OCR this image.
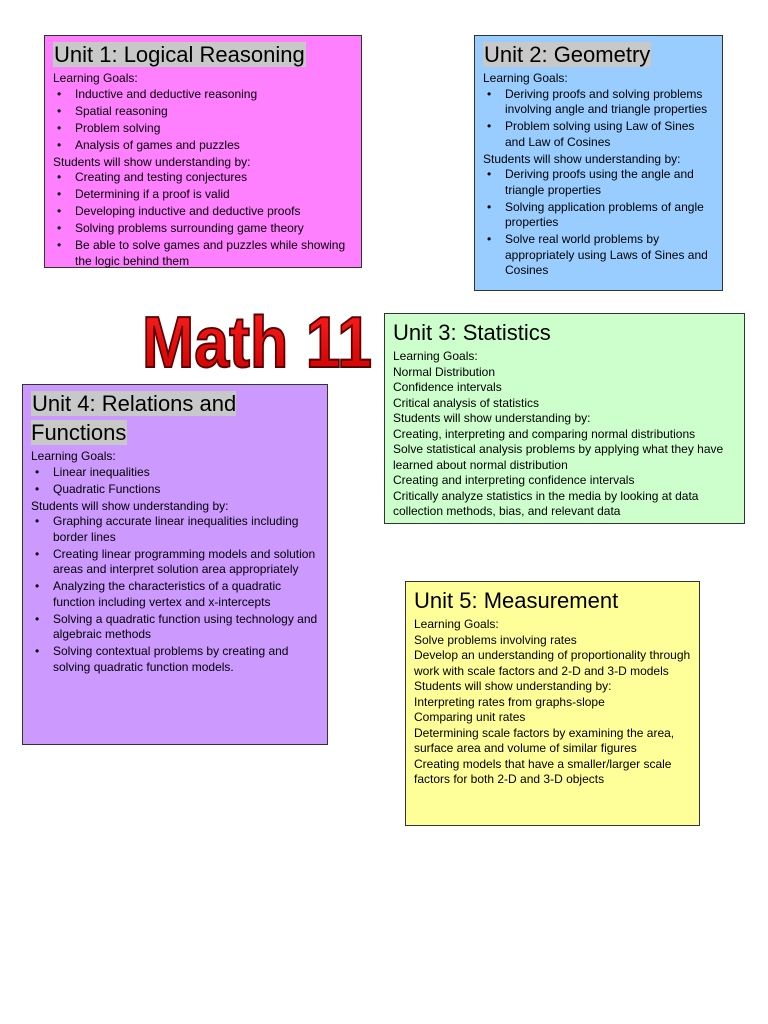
Unit 1: Logical Reasoning

Learning Goals:

• Inductive and deductive reasoning
• Spatial reasoning
• Problem solving
• Analysis of games and puzzles

Students will show understanding by:

• Creating and testing conjectures
• Determining if a proof is valid
• Developing inductive and deductive proofs
• Solving problems surrounding game theory
• Be able to solve games and puzzles while showing the logic behind them
Unit 2: Geometry

Learning Goals:

• Deriving proofs and solving problems involving angle and triangle properties
• Problem solving using Law of Sines and Law of Cosines

Students will show understanding by:

• Deriving proofs using the angle and triangle properties
• Solving application problems of angle properties
• Solve real world problems by appropriately using Laws of Sines and Cosines
Math 11 Unit 3: Statistics

Learning Goals:

Normal Distribution

Confidence intervals

Critical analysis of statistics

Students will show understanding by:

Creating, interpreting and comparing normal distributions

Solve statistical analysis problems by applying what they have learned about normal distribution

Creating and interpreting confidence intervals

Critically analyze statistics in the media by looking at data collection methods, bias, and relevant data

Unit 4: Relations and Functions

Learning Goals:

• Linear inequalities
• Quadratic Functions

Students will show understanding by:

• Graphing accurate linear inequalities including border lines
• Creating linear programming models and solution areas and interpret solution area appropriately
• Analyzing the characteristics of a quadratic function including vertex and x-intercepts
• Solving a quadratic function using technology and algebraic methods
• Solving contextual problems by creating and solving quadratic function models.
Unit 5: Measurement

Learning Goals:

Solve problems involving rates

Develop an understanding of proportionality through work with scale factors and 2-D and 3-D models

Students will show understanding by:

Interpreting rates from graphs-slope

Comparing unit rates

Determining scale factors by examining the area, surface area and volume of similar figures

Creating models that have a smaller/larger scale factors for both 2-D and 3-D objects
